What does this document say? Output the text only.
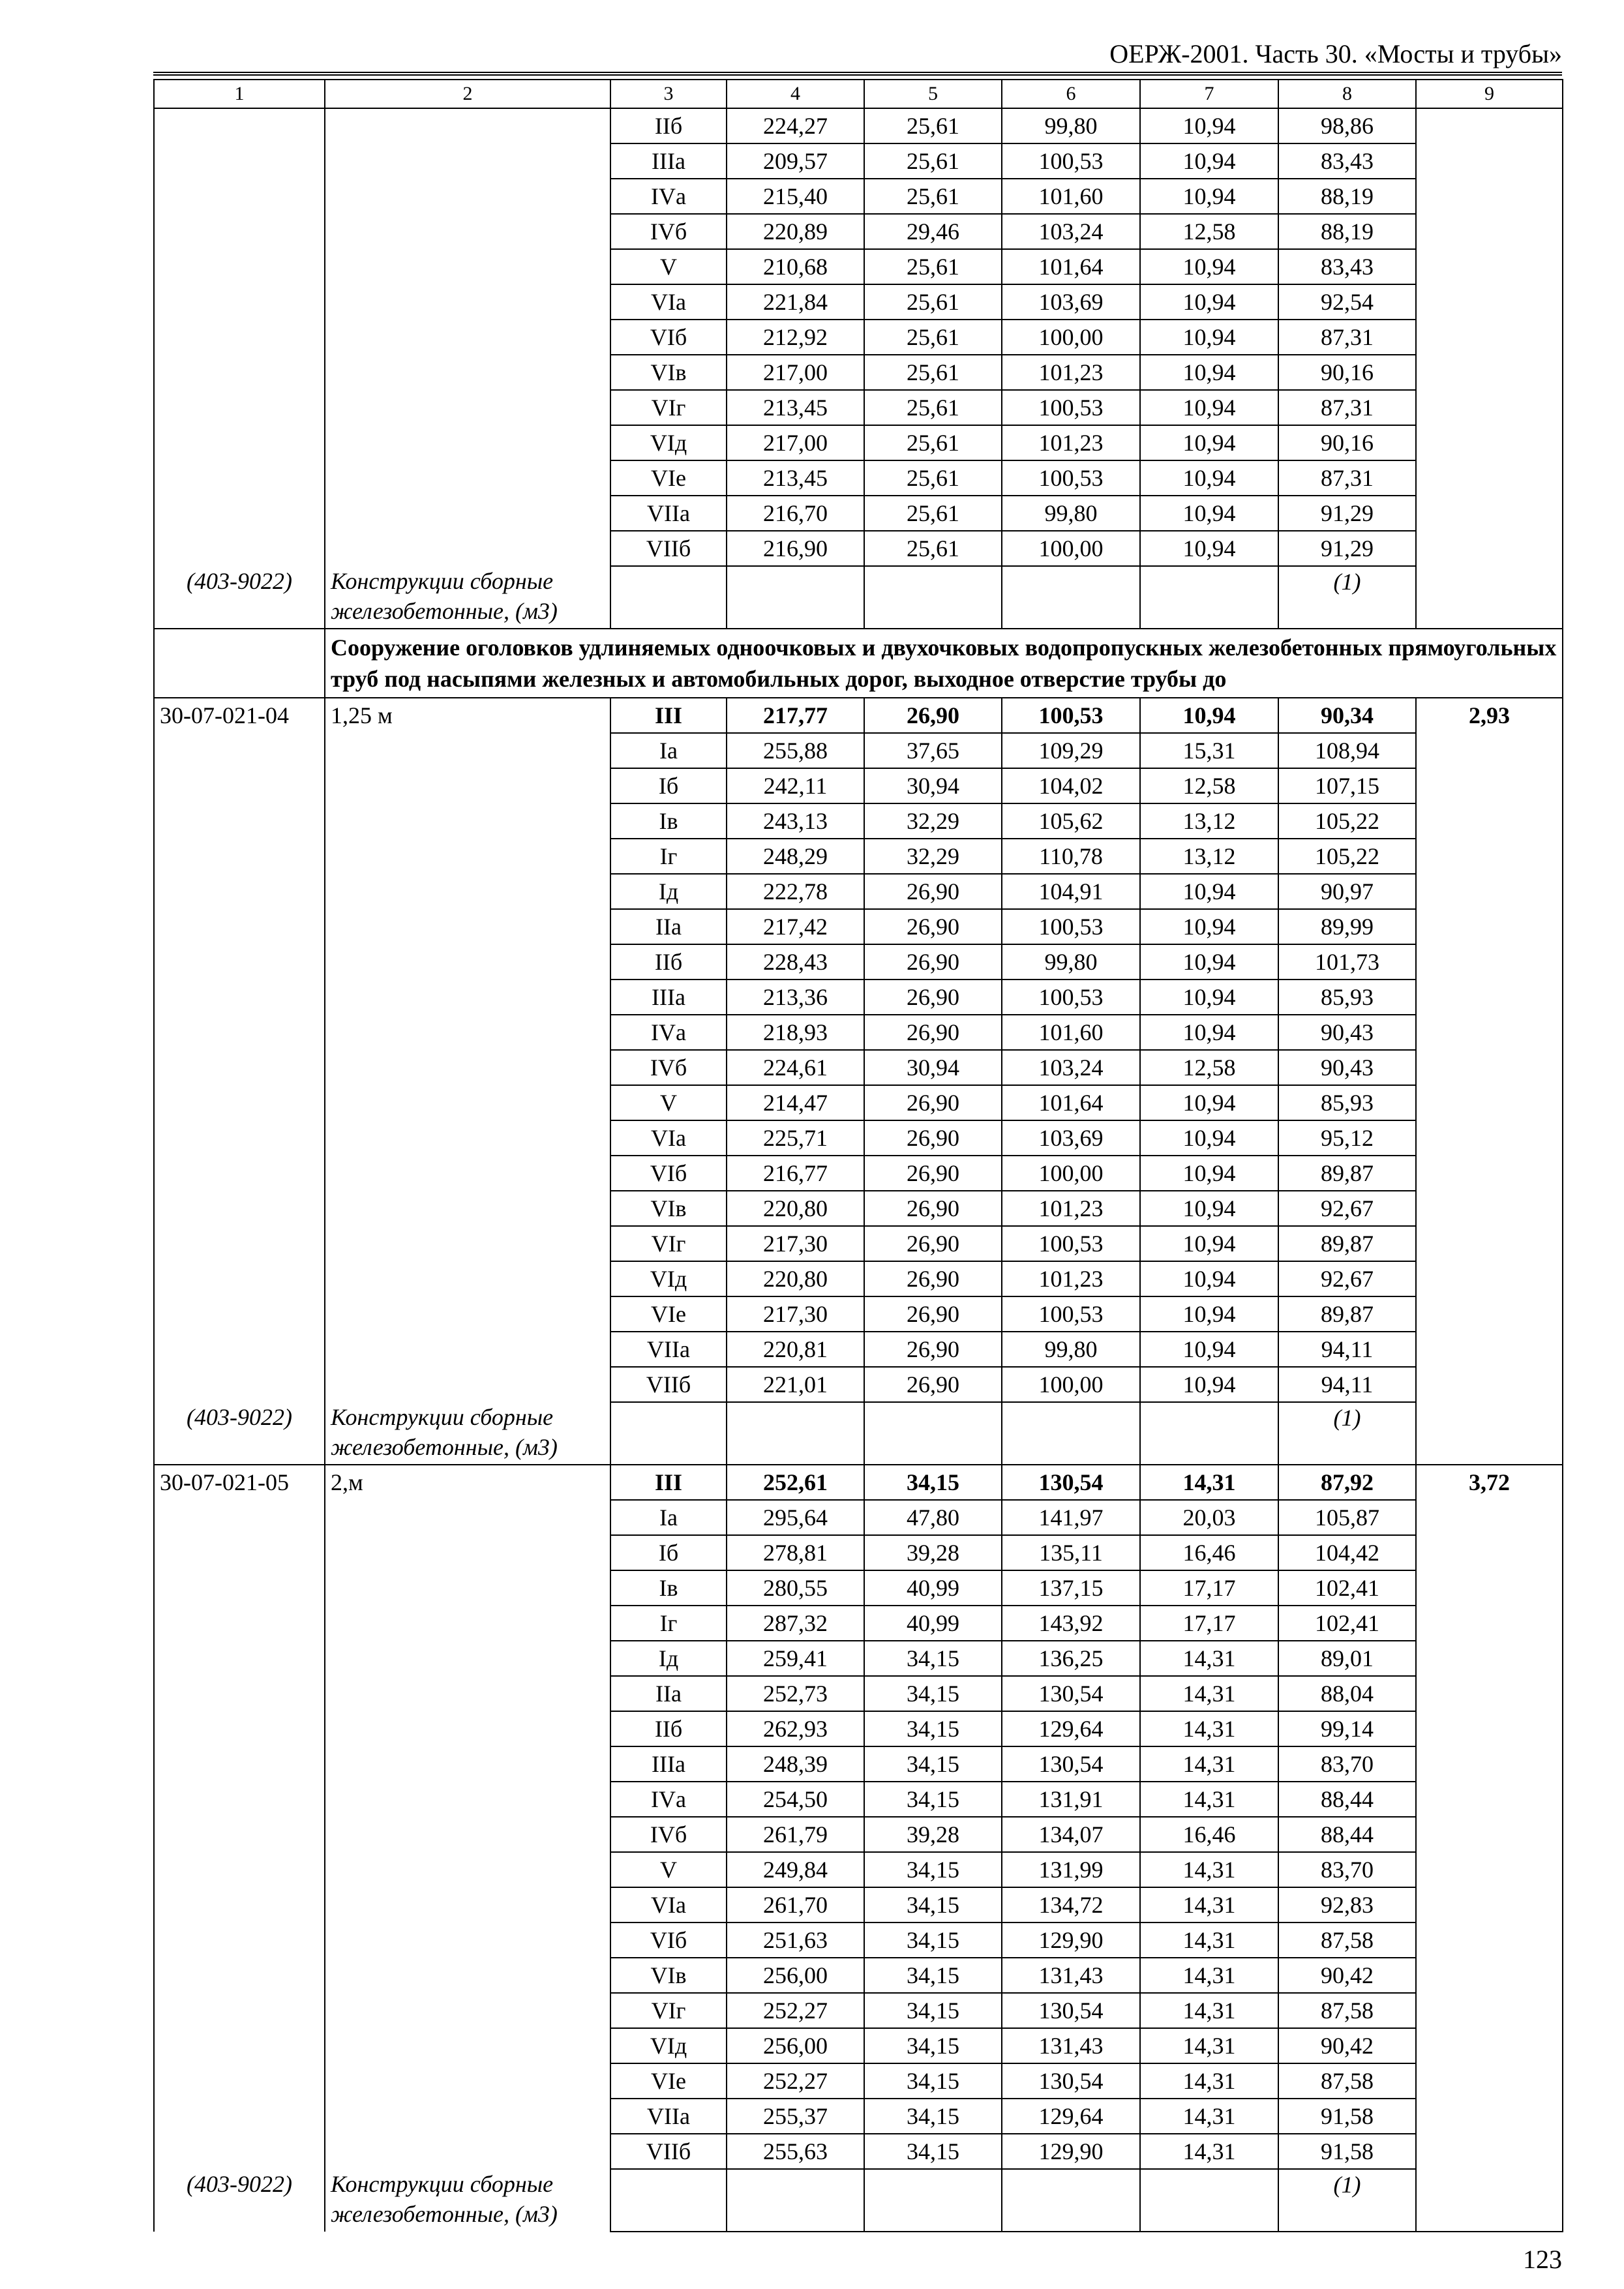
ОЕРЖ-2001. Часть 30. «Мосты и трубы»
1	2	3	4	5	6	7	8	9
		IIб	224,27	25,61	99,80	10,94	98,86	
		IIIа	209,57	25,61	100,53	10,94	83,43	
		IVа	215,40	25,61	101,60	10,94	88,19	
		IVб	220,89	29,46	103,24	12,58	88,19	
		V	210,68	25,61	101,64	10,94	83,43	
		VIа	221,84	25,61	103,69	10,94	92,54	
		VIб	212,92	25,61	100,00	10,94	87,31	
		VIв	217,00	25,61	101,23	10,94	90,16	
		VIг	213,45	25,61	100,53	10,94	87,31	
		VIд	217,00	25,61	101,23	10,94	90,16	
		VIе	213,45	25,61	100,53	10,94	87,31	
		VIIа	216,70	25,61	99,80	10,94	91,29	
		VIIб	216,90	25,61	100,00	10,94	91,29	
(403-9022)	Конструкции сборные железобетонные, (м3)						(1)	
	Сооружение оголовков удлиняемых одноочковых и двухочковых водопропускных железобетонных прямоугольных труб под насыпями железных и автомобильных дорог, выходное отверстие трубы до							
30-07-021-04	1,25 м	III	217,77	26,90	100,53	10,94	90,34	2,93
		Iа	255,88	37,65	109,29	15,31	108,94	
		Iб	242,11	30,94	104,02	12,58	107,15	
		Iв	243,13	32,29	105,62	13,12	105,22	
		Iг	248,29	32,29	110,78	13,12	105,22	
		Iд	222,78	26,90	104,91	10,94	90,97	
		IIа	217,42	26,90	100,53	10,94	89,99	
		IIб	228,43	26,90	99,80	10,94	101,73	
		IIIа	213,36	26,90	100,53	10,94	85,93	
		IVа	218,93	26,90	101,60	10,94	90,43	
		IVб	224,61	30,94	103,24	12,58	90,43	
		V	214,47	26,90	101,64	10,94	85,93	
		VIа	225,71	26,90	103,69	10,94	95,12	
		VIб	216,77	26,90	100,00	10,94	89,87	
		VIв	220,80	26,90	101,23	10,94	92,67	
		VIг	217,30	26,90	100,53	10,94	89,87	
		VIд	220,80	26,90	101,23	10,94	92,67	
		VIе	217,30	26,90	100,53	10,94	89,87	
		VIIа	220,81	26,90	99,80	10,94	94,11	
		VIIб	221,01	26,90	100,00	10,94	94,11	
(403-9022)	Конструкции сборные железобетонные, (м3)						(1)	
30-07-021-05	2,м	III	252,61	34,15	130,54	14,31	87,92	3,72
		Iа	295,64	47,80	141,97	20,03	105,87	
		Iб	278,81	39,28	135,11	16,46	104,42	
		Iв	280,55	40,99	137,15	17,17	102,41	
		Iг	287,32	40,99	143,92	17,17	102,41	
		Iд	259,41	34,15	136,25	14,31	89,01	
		IIа	252,73	34,15	130,54	14,31	88,04	
		IIб	262,93	34,15	129,64	14,31	99,14	
		IIIа	248,39	34,15	130,54	14,31	83,70	
		IVа	254,50	34,15	131,91	14,31	88,44	
		IVб	261,79	39,28	134,07	16,46	88,44	
		V	249,84	34,15	131,99	14,31	83,70	
		VIа	261,70	34,15	134,72	14,31	92,83	
		VIб	251,63	34,15	129,90	14,31	87,58	
		VIв	256,00	34,15	131,43	14,31	90,42	
		VIг	252,27	34,15	130,54	14,31	87,58	
		VIд	256,00	34,15	131,43	14,31	90,42	
		VIе	252,27	34,15	130,54	14,31	87,58	
		VIIа	255,37	34,15	129,64	14,31	91,58	
		VIIб	255,63	34,15	129,90	14,31	91,58	
(403-9022)	Конструкции сборные железобетонные, (м3)						(1)	
123
